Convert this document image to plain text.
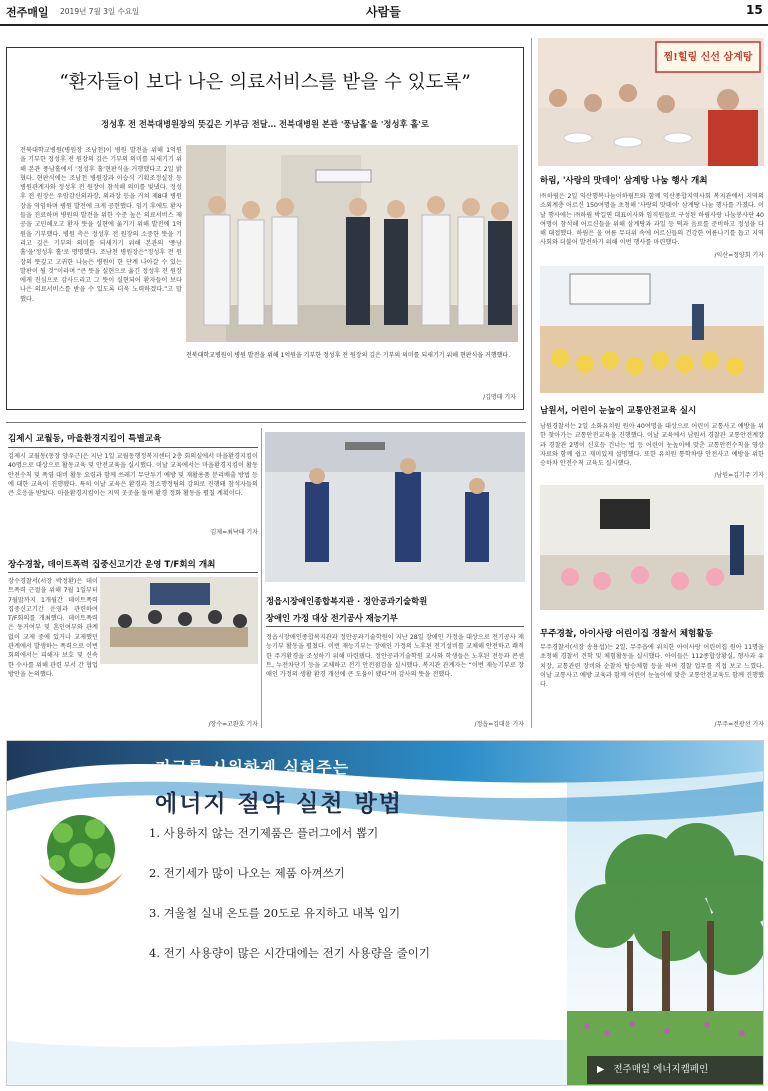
전주매일 2019년 7월 3일 수요일	사람들	15
“환자들이 보다 나은 의료서비스를 받을 수 있도록”
정성후 전 전북대병원장의 뜻깊은 기부금 전달… 전북대병원 본관 '풍남홀'을 '정성후 홀'로
전북대학교병원(병원장 조남천)이 병원 발전을 위해 1억원을 기부한 정성후 전 원장의 깊은 기부의 의미를 되새기기 위해 본관 풍남홀에서 '정성후 홀'현판식을 거행했다고 2일 밝혔다. 현판식에는 조남천 병원장과 이승식 기획조정실장 등 병원관계자와 정성후 전 원장이 참석해 의미를 빛냈다. 정성후 전 원장은 우암감신외과장, 외과장 등을 거쳐 제8대 병원장을 역임하며 병원 발전에 크게 공헌했다. 임기 후에도 환자들을 진료하며 병원의 발전을 위한 수준 높은 의료서비스 제공을 고민해오고 환자 뜻을 실현에 옮기기 위해 발전에 1억원을 기부했다. 병원 측은 정성후 전 원장의 소중한 뜻을 기리고 깊은 기부의 의미를 되새기기 위해 본관의 '풍남홀'을'정성후 홀'로 명명했다. 조남천 병원장은“정성후 전 원장의 뜻깊고 고귀한 나눔은 병원이 한 단계 나아갈 수 있는 발판이 될 것”이라며 “큰 뜻을 실현으로 옮긴 정성후 전 원장에게 진심으로 감사드리고 그 뜻이 실현되어 환자들이 보다 나은 의료서비스를 받을 수 있도록 더욱 노력하겠다.”고 말했다.
전북대학교병원이 병원 발전을 위해 1억원을 기부한 정성후 전 원장의 깊은 기부의 의미를 되새기기 위해 현판식을 거행했다.
/김명태 기자
찜!힐링 신선 삼계탕
하림, '사랑의 맛데이' 삼계탕 나눔 행사 개최
㈜하림은 2일 익산행복나눔이하림트와 함께 익산종합지역사회 복지관에서 지역의 소외계층 어르신 150여명을 초청해 '사랑의 맛데이' 삼계탕 나눔 행사를 가졌다. 이날 행사에는 ㈜하림 박길연 대표이사와 임직원들로 구성된 하림사랑 나눔봉사단 40여명이 참석해 어르신들을 위해 삼계탕과 과일 등 떡과 음료를 준비하고 정성을 다해 대접했다. 하림은 올 여름 무더위 속에 어르신들의 건강한 여름나기를 돕고 지역사회와 더불어 발전하기 위해 이번 행사를 마련했다.
/익산=정양회 기자
남원서, 어린이 눈높이 교통안전교육 실시
남원경찰서는 2일 소화유치원 원아 40여명을 대상으로 어린이 교통사고 예방을 위한 찾아가는 교통안전교육을 진행했다. 이날 교육에서 남원서 경찰관 교통안전계장과 경찰관 2명이 신호등 건너는 법 등 어린이 눈높이에 맞춘 교통안전수칙을 영상 자료와 함께 쉽고 재미있게 설명했다. 또한 유치원 통학차량 안전사고 예방을 위한 승하차 안전수칙 교육도 실시했다.
/남원=김기주 기자
무주경찰, 아이사랑 어린이집 경찰서 체험활동
무주경찰서(서장 송용섭)는 2일, 무주읍에 위치한 아이사랑 어린이집 원아 11명을 초청해 경찰서 견학 및 체험활동을 실시했다. 아이들은 112종합상황실, 형사과 유치장, 교통관련 장비와 순찰차 탑승체험 등을 하며 경찰 업무를 직접 보고 느꼈다. 이날 교통사고 예방 교육과 함께 어린이 눈높이에 맞춘 교통안전교육도 함께 진행했다.
/무주=전광선 기자
김제시 교월동, 마을환경지킴이 특별교육
김제시 교월동(동장 양우근)은 지난 1일 교월동행정복지센터 2층 회의실에서 마을환경지킴이 40명으로 대상으로 활동교육 및 안전교육을 실시했다. 이날 교육에서는 마을환경지킴이 활동 안전수칙 및 폭염 대비 활동 요령과 함께 쓰레기 무단투기 예방 및 재활용품 분리배출 방법 등에 대한 교육이 진행됐다. 특히 이날 교육은 환경과 청소행정팀의 강의로 진행돼 참석자들의 큰 호응을 받았다. 마을환경지킴이는 지역 곳곳을 돌며 환경 정화 활동을 펼칠 계획이다.
김제=최낙태 기자
장수경찰, 데이트폭력 집중신고기간 운영 T/F회의 개최
장수경찰서(서장 박정환)은 데이트폭력 근절을 위해 7월 1일부터 7월말까지 1개월간 데이트폭력 집중신고기간 운영과 관련하여 T/F회의를 개최했다. 데이트폭력은 동거여부 및 혼인여부와 관계없이 교제 중에 있거나 교제했던 관계에서 발생하는 폭력으로 이번 회의에서는 피해자 보호 및 신속한 수사를 위해 관련 부서 간 협업 방안을 논의했다.
/장수=고완호 기자
정읍시장애인종합복지관 · 정안공과기술학원
장애인 가정 대상 전기공사 재능기부
정읍시장애인종합복지관과 정안공과기술학원이 지난 28일 장애인 가정을 대상으로 전기공사 재능기부 활동을 펼쳤다. 이번 재능기부는 장애인 가정의 노후된 전기설비를 교체해 안전하고 쾌적한 주거환경을 조성하기 위해 마련됐다. 정안공과기술학원 교사와 학생들은 노후된 전등과 콘센트, 누전차단기 등을 교체하고 전기 안전점검을 실시했다. 복지관 관계자는 “이번 재능기부로 장애인 가정의 생활 환경 개선에 큰 도움이 됐다”며 감사의 뜻을 전했다.
/정읍=김대윤 기자
지구를 시원하게 식혀주는
에너지 절약 실천 방법
1. 사용하지 않는 전기제품은 플러그에서 뽑기
2. 전기세가 많이 나오는 제품 아껴쓰기
3. 겨울철 실내 온도를 20도로 유지하고 내복 입기
4. 전기 사용량이 많은 시간대에는 전기 사용량을 줄이기
▶ 전주매일 에너지캠페인
